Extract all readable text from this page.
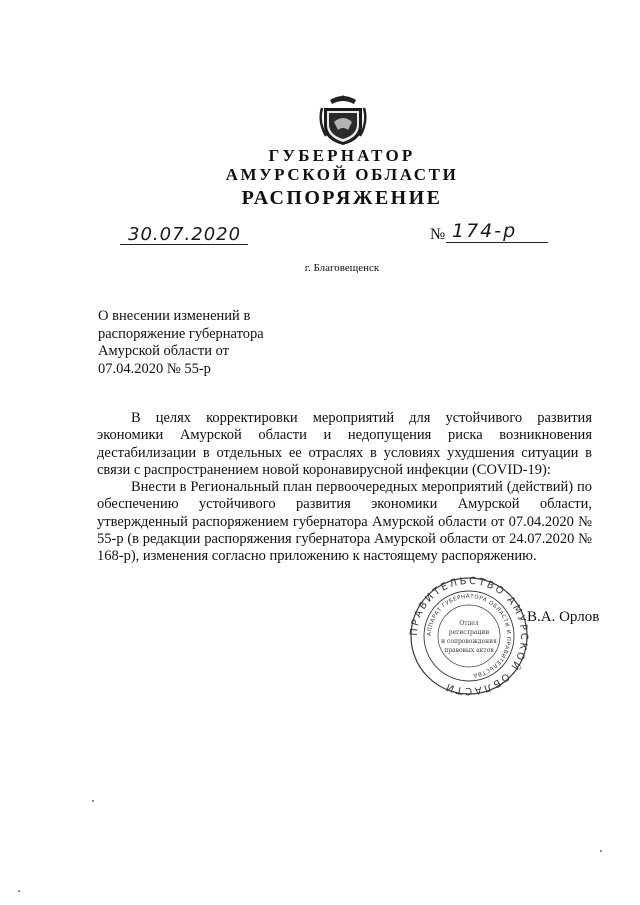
ГУБЕРНАТОР
АМУРСКОЙ ОБЛАСТИ
РАСПОРЯЖЕНИЕ
30.07.2020	№ 174-р
г. Благовещенск
О внесении изменений в
распоряжение губернатора
Амурской области от
07.04.2020 № 55-р

В целях корректировки мероприятий для устойчивого развития экономики Амурской области и недопущения риска возникновения дестабилизации в отдельных ее отраслях в условиях ухудшения ситуации в связи с распространением новой коронавирусной инфекции (COVID-19):

Внести в Региональный план первоочередных мероприятий (действий) по обеспечению устойчивого развития экономики Амурской области, утвержденный распоряжением губернатора Амурской области от 07.04.2020 № 55-р (в редакции распоряжения губернатора Амурской области от 24.07.2020 № 168-р), изменения согласно приложению к настоящему распоряжению.

ПРАВИТЕЛЬСТВО АМУРСКОЙ ОБЛАСТИ
АППАРАТ ГУБЕРНАТОРА ОБЛАСТИ И ПРАВИТЕЛЬСТВА
Отдел
регистрации
и сопровождения
правовых актов
В.А. Орлов
